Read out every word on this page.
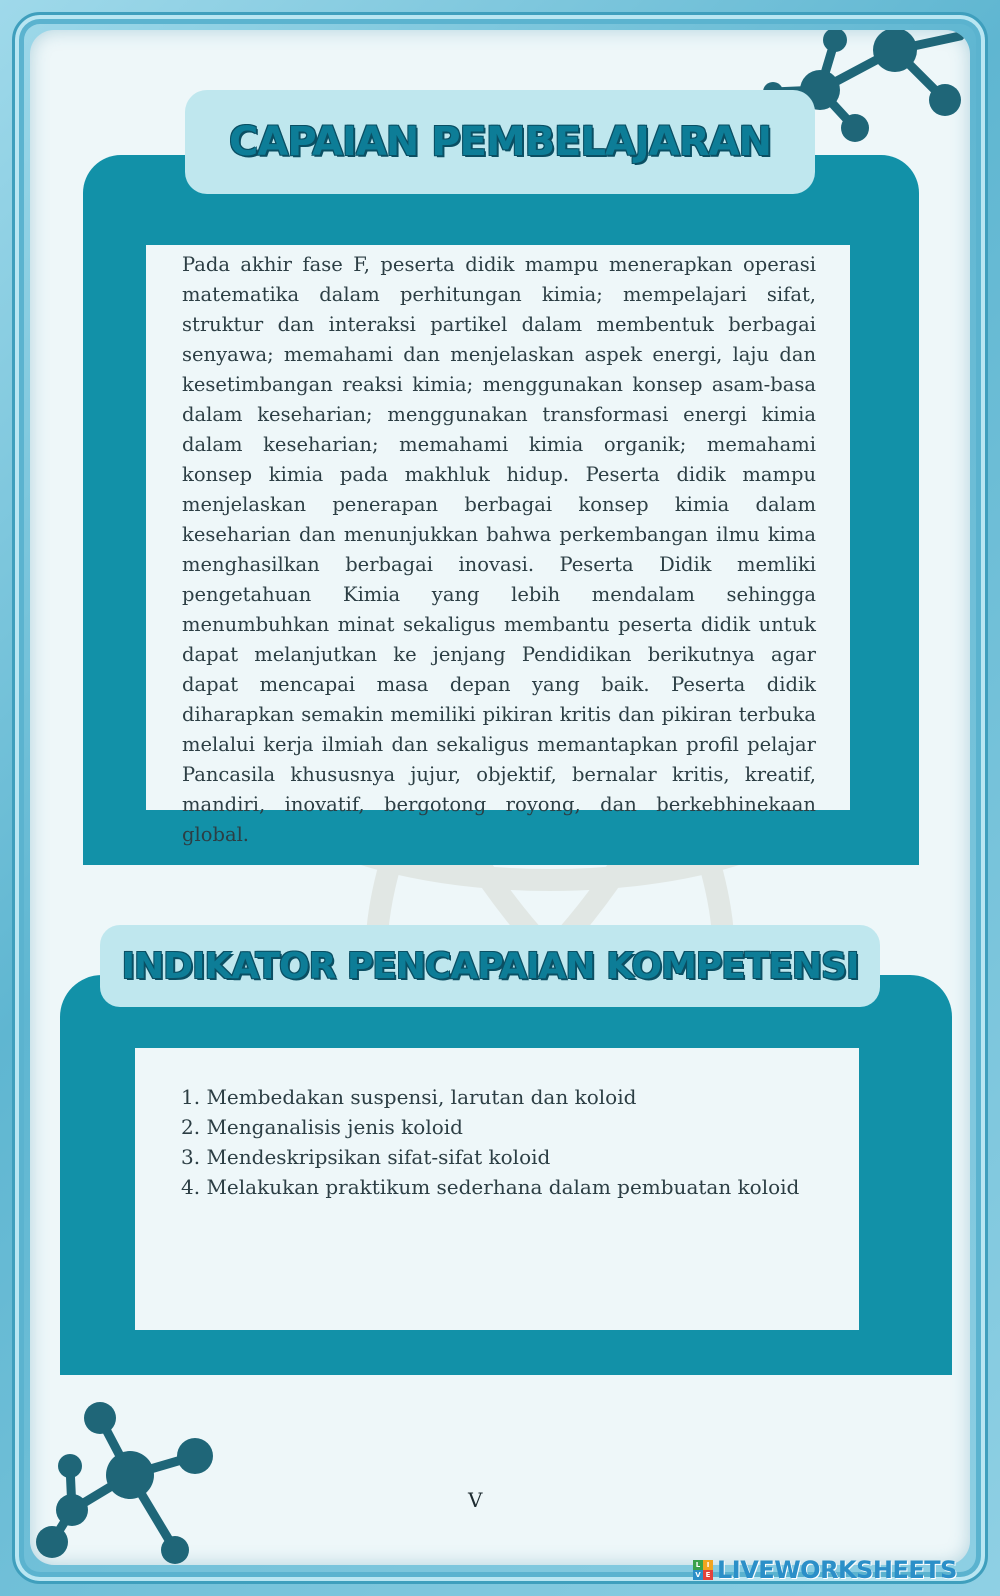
CAPAIAN PEMBELAJARAN

Pada akhir fase F, peserta didik mampu menerapkan operasi matematika dalam perhitungan kimia; mempelajari sifat, struktur dan interaksi partikel dalam membentuk berbagai senyawa; memahami dan menjelaskan aspek energi, laju dan kesetimbangan reaksi kimia; menggunakan konsep asam-basa dalam keseharian; menggunakan transformasi energi kimia dalam keseharian; memahami kimia organik; memahami konsep kimia pada makhluk hidup. Peserta didik mampu menjelaskan penerapan berbagai konsep kimia dalam keseharian dan menunjukkan bahwa perkembangan ilmu kima menghasilkan berbagai inovasi. Peserta Didik memliki pengetahuan Kimia yang lebih mendalam sehingga menumbuhkan minat sekaligus membantu peserta didik untuk dapat melanjutkan ke jenjang Pendidikan berikutnya agar dapat mencapai masa depan yang baik. Peserta didik diharapkan semakin memiliki pikiran kritis dan pikiran terbuka melalui kerja ilmiah dan sekaligus memantapkan profil pelajar Pancasila khususnya jujur, objektif, bernalar kritis, kreatif, mandiri, inovatif, bergotong royong, dan berkebhinekaan global.

INDIKATOR PENCAPAIAN KOMPETENSI
1. Membedakan suspensi, larutan dan koloid
2. Menganalisis jenis koloid
3. Mendeskripsikan sifat-sifat koloid
4. Melakukan praktikum sederhana dalam pembuatan koloid
V
L I
V E LIVEWORKSHEETS
